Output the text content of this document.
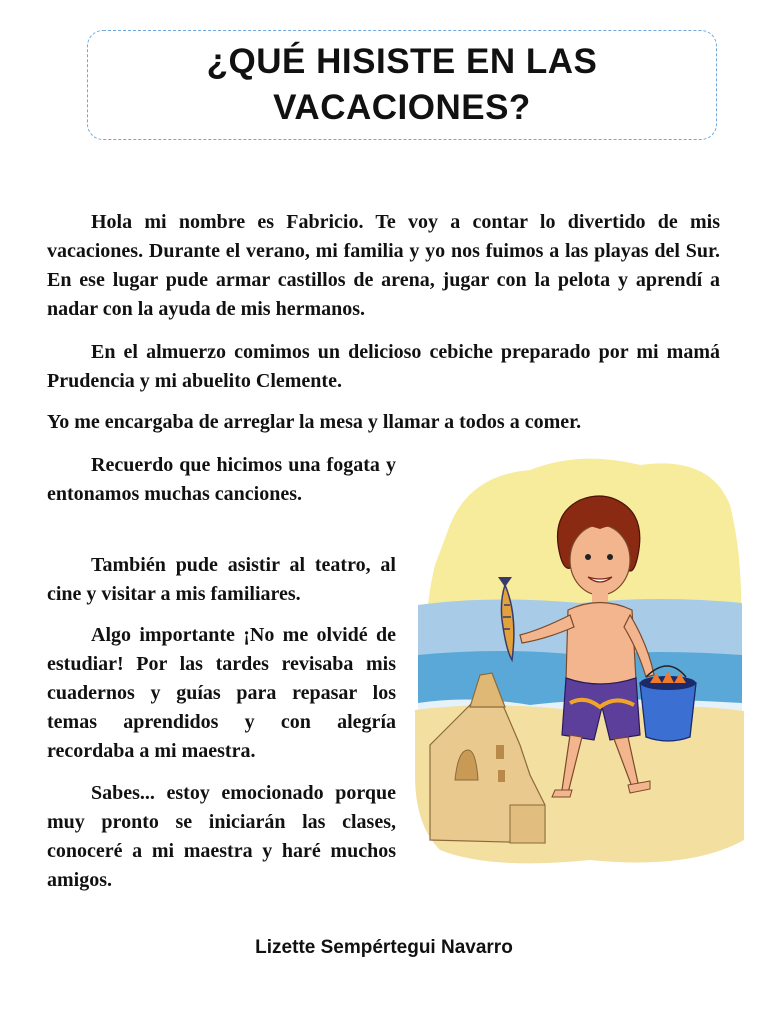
¿QUÉ HISISTE EN LAS
VACACIONES?

Hola mi nombre es Fabricio. Te voy a contar lo divertido de mis vacaciones. Durante el verano, mi familia y yo nos fuimos a las playas del Sur. En ese lugar pude armar castillos de arena, jugar con la pelota y aprendí a nadar con la ayuda de mis hermanos.

En el almuerzo comimos un delicioso cebiche preparado por mi mamá Prudencia y mi abuelito Clemente.

Yo me encargaba de arreglar la mesa y llamar a todos a comer.

Recuerdo que hicimos una fogata y entonamos muchas canciones.

También pude asistir al teatro, al cine y visitar a mis familiares.

Algo importante ¡No me olvidé de estudiar! Por las tardes revisaba mis cuadernos y guías para repasar los temas aprendidos y con alegría recordaba a mi maestra.

Sabes... estoy emocionado porque muy pronto se iniciarán las clases, conoceré a mi maestra y haré muchos amigos.

Lizette Sempértegui Navarro
